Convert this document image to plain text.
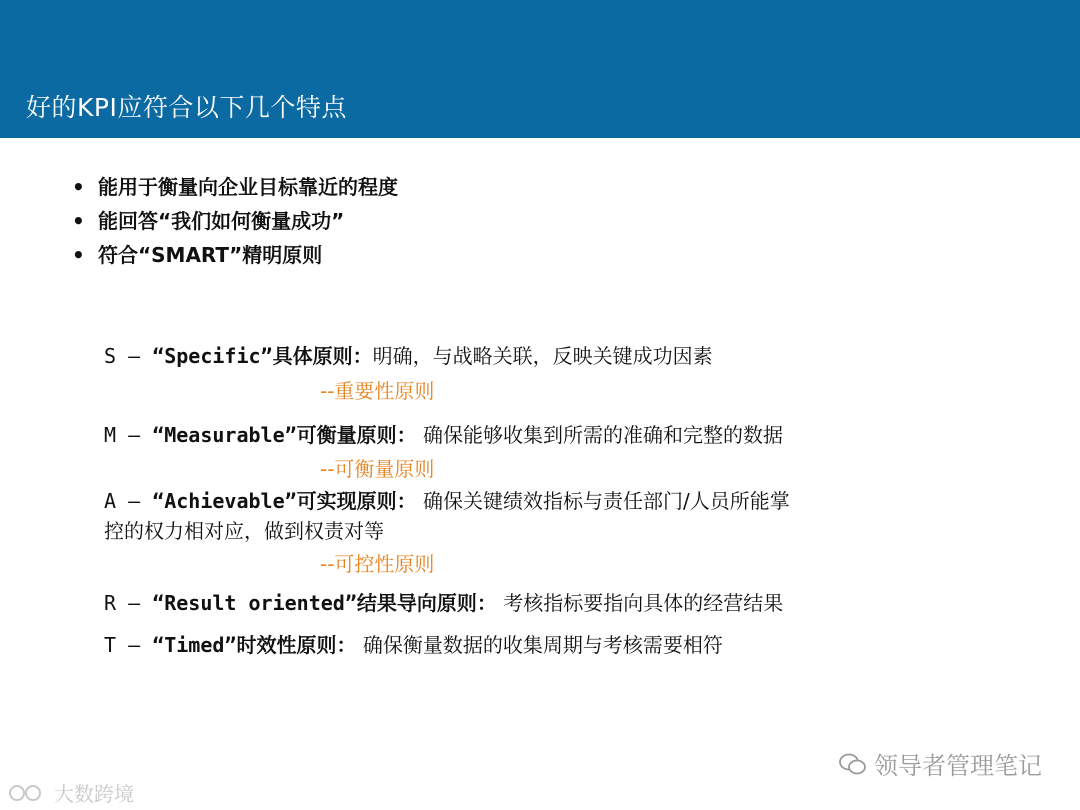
好的KPI应符合以下几个特点
• 能用于衡量向企业目标靠近的程度
• 能回答“我们如何衡量成功”
• 符合“SMART”精明原则
S — “Specific”具体原则：明确，与战略关联，反映关键成功因素
--重要性原则
M — “Measurable”可衡量原则： 确保能够收集到所需的准确和完整的数据
--可衡量原则
A — “Achievable”可实现原则： 确保关键绩效指标与责任部门/人员所能掌
控的权力相对应，做到权责对等
--可控性原则
R — “Result oriented”结果导向原则： 考核指标要指向具体的经营结果
T — “Timed”时效性原则： 确保衡量数据的收集周期与考核需要相符
领导者管理笔记
大数跨境
